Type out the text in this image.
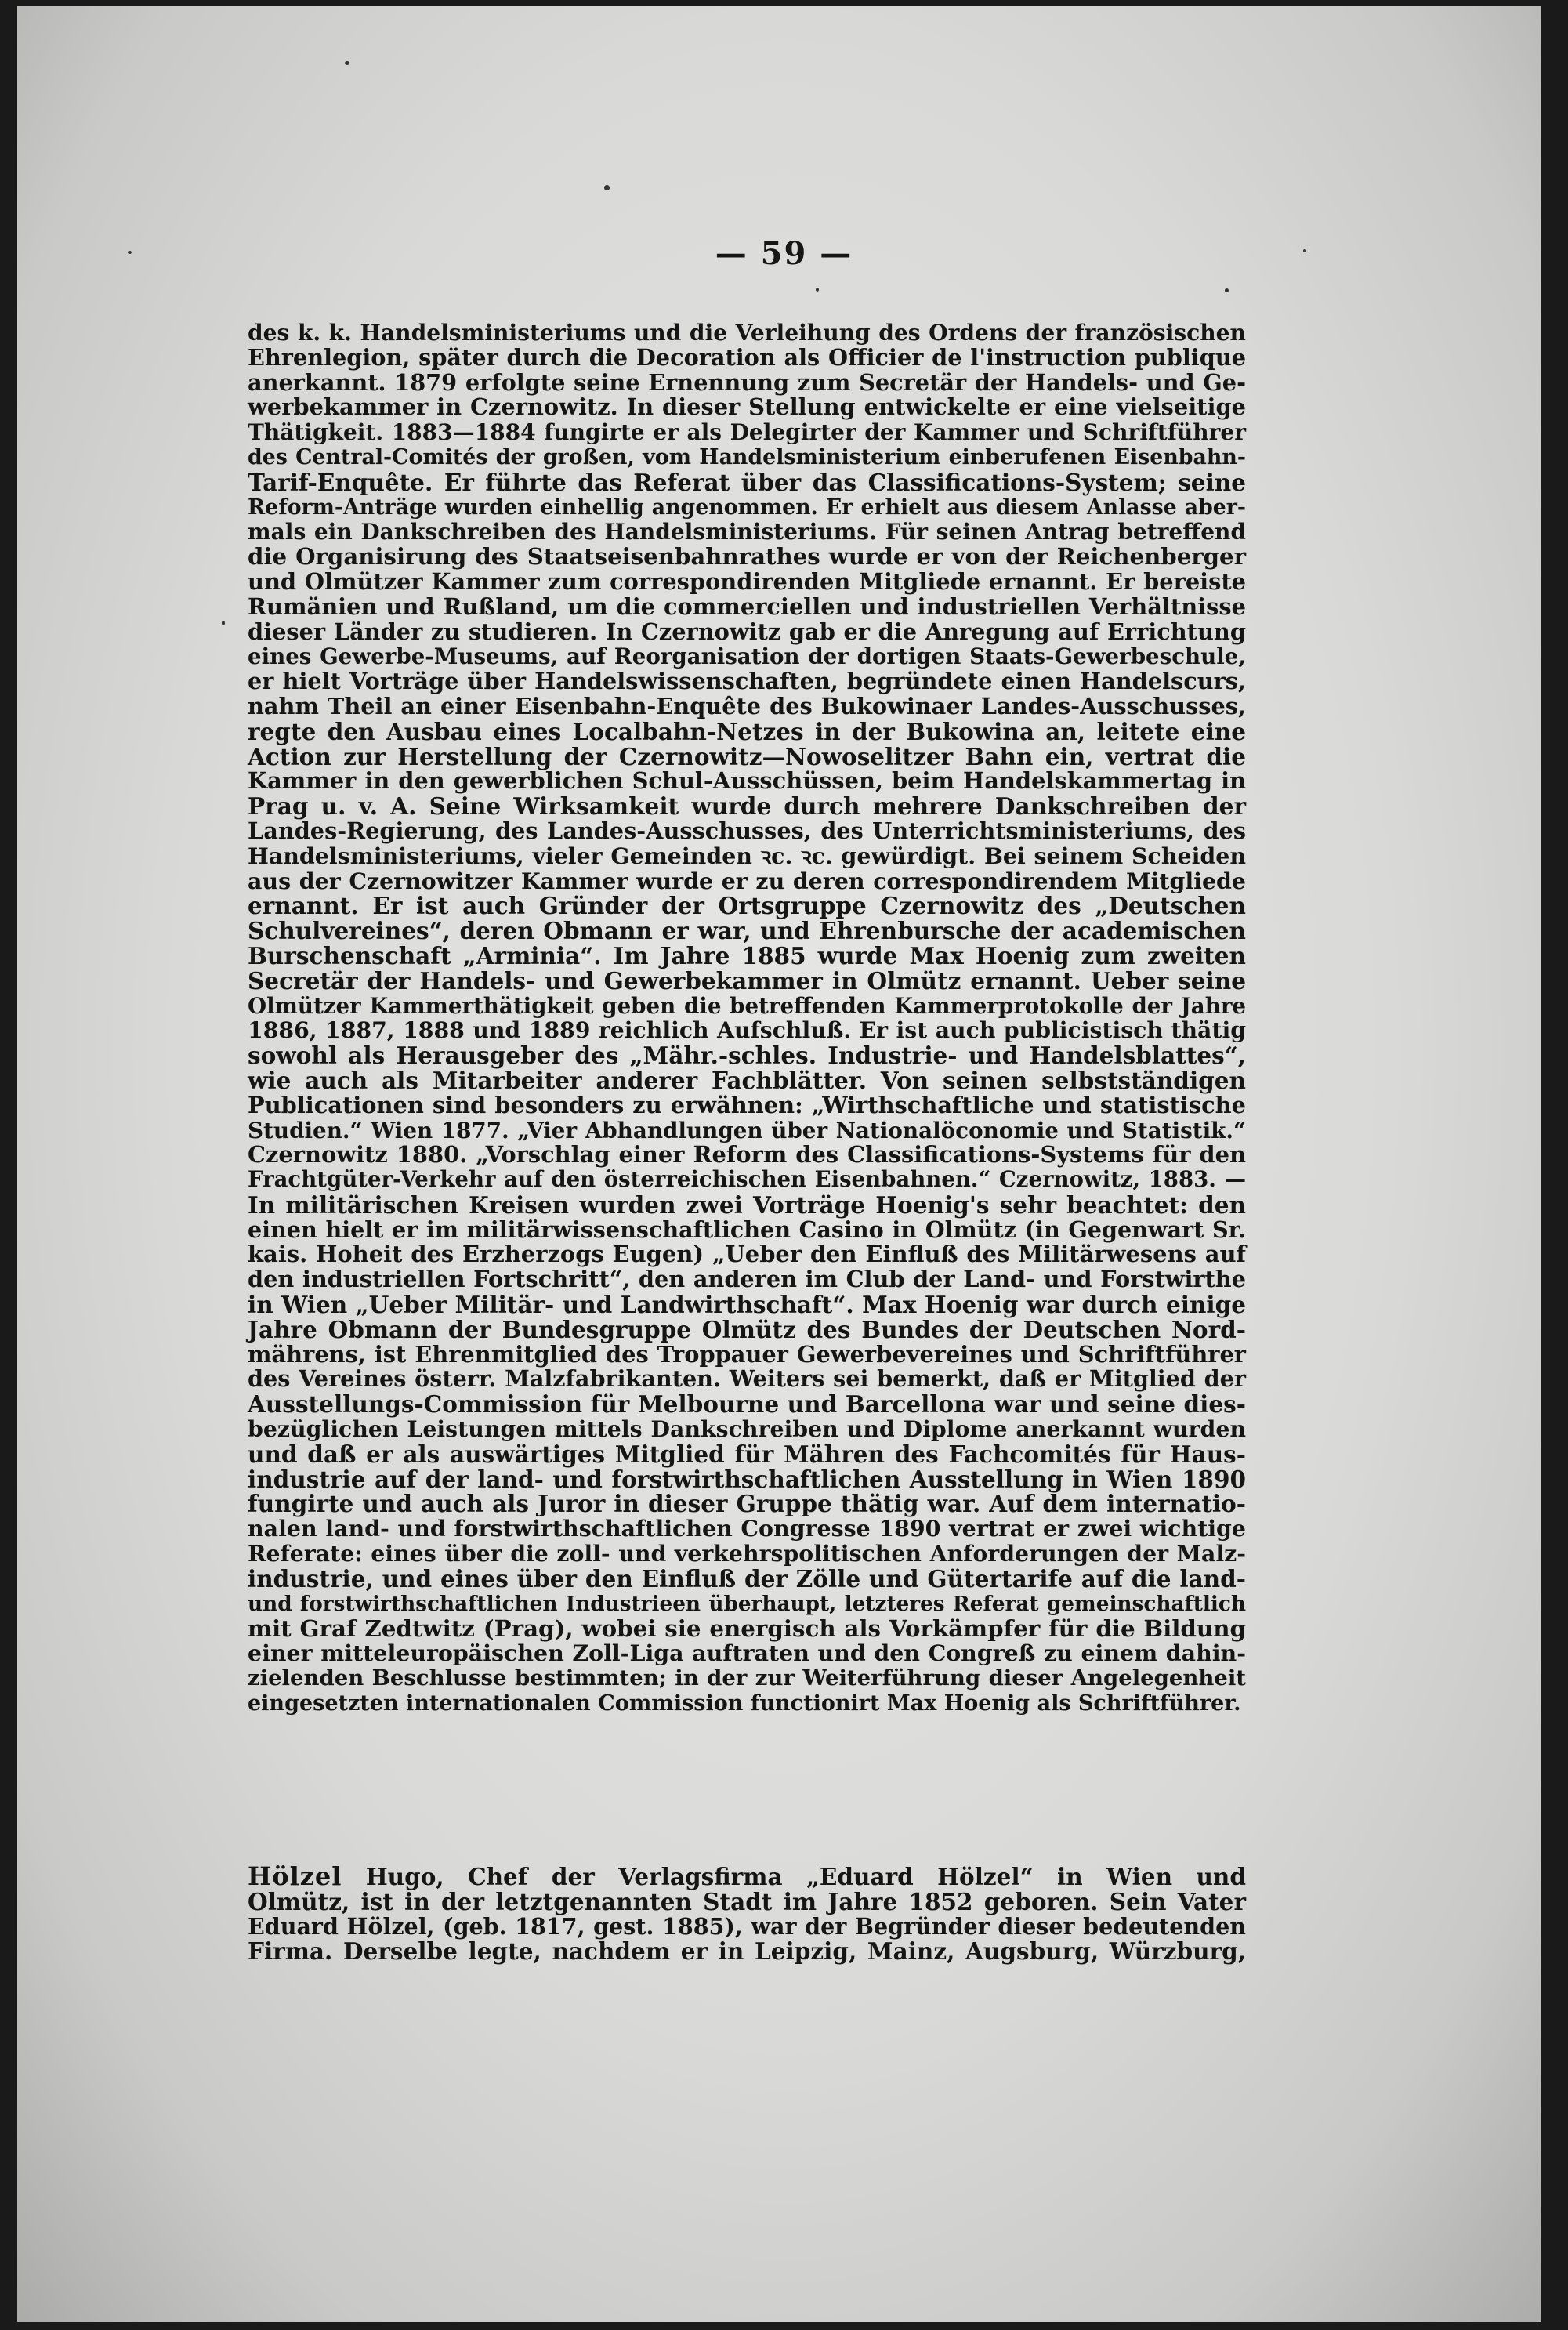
— 59 —
des k. k. Handelsministeriums und die Verleihung des Ordens der französischen
Ehrenlegion, später durch die Decoration als Officier de l'instruction publique
anerkannt. 1879 erfolgte seine Ernennung zum Secretär der Handels- und Ge-
werbekammer in Czernowitz. In dieser Stellung entwickelte er eine vielseitige
Thätigkeit. 1883—1884 fungirte er als Delegirter der Kammer und Schriftführer
des Central-Comités der großen, vom Handelsministerium einberufenen Eisenbahn-
Tarif-Enquête. Er führte das Referat über das Classifications-System; seine
Reform-Anträge wurden einhellig angenommen. Er erhielt aus diesem Anlasse aber-
mals ein Dankschreiben des Handelsministeriums. Für seinen Antrag betreffend
die Organisirung des Staatseisenbahnrathes wurde er von der Reichenberger
und Olmützer Kammer zum correspondirenden Mitgliede ernannt. Er bereiste
Rumänien und Rußland, um die commerciellen und industriellen Verhältnisse
dieser Länder zu studieren. In Czernowitz gab er die Anregung auf Errichtung
eines Gewerbe-Museums, auf Reorganisation der dortigen Staats-Gewerbeschule,
er hielt Vorträge über Handelswissenschaften, begründete einen Handelscurs,
nahm Theil an einer Eisenbahn-Enquête des Bukowinaer Landes-Ausschusses,
regte den Ausbau eines Localbahn-Netzes in der Bukowina an, leitete eine
Action zur Herstellung der Czernowitz—Nowoselitzer Bahn ein, vertrat die
Kammer in den gewerblichen Schul-Ausschüssen, beim Handelskammertag in
Prag u. v. A. Seine Wirksamkeit wurde durch mehrere Dankschreiben der
Landes-Regierung, des Landes-Ausschusses, des Unterrichtsministeriums, des
Handelsministeriums, vieler Gemeinden ꝛc. ꝛc. gewürdigt. Bei seinem Scheiden
aus der Czernowitzer Kammer wurde er zu deren correspondirendem Mitgliede
ernannt. Er ist auch Gründer der Ortsgruppe Czernowitz des „Deutschen
Schulvereines“, deren Obmann er war, und Ehrenbursche der academischen
Burschenschaft „Arminia“. Im Jahre 1885 wurde Max Hoenig zum zweiten
Secretär der Handels- und Gewerbekammer in Olmütz ernannt. Ueber seine
Olmützer Kammerthätigkeit geben die betreffenden Kammerprotokolle der Jahre
1886, 1887, 1888 und 1889 reichlich Aufschluß. Er ist auch publicistisch thätig
sowohl als Herausgeber des „Mähr.-schles. Industrie- und Handelsblattes“,
wie auch als Mitarbeiter anderer Fachblätter. Von seinen selbstständigen
Publicationen sind besonders zu erwähnen: „Wirthschaftliche und statistische
Studien.“ Wien 1877. „Vier Abhandlungen über Nationalöconomie und Statistik.“
Czernowitz 1880. „Vorschlag einer Reform des Classifications-Systems für den
Frachtgüter-Verkehr auf den österreichischen Eisenbahnen.“ Czernowitz, 1883. —
In militärischen Kreisen wurden zwei Vorträge Hoenig's sehr beachtet: den
einen hielt er im militärwissenschaftlichen Casino in Olmütz (in Gegenwart Sr.
kais. Hoheit des Erzherzogs Eugen) „Ueber den Einfluß des Militärwesens auf
den industriellen Fortschritt“, den anderen im Club der Land- und Forstwirthe
in Wien „Ueber Militär- und Landwirthschaft“. Max Hoenig war durch einige
Jahre Obmann der Bundesgruppe Olmütz des Bundes der Deutschen Nord-
mährens, ist Ehrenmitglied des Troppauer Gewerbevereines und Schriftführer
des Vereines österr. Malzfabrikanten. Weiters sei bemerkt, daß er Mitglied der
Ausstellungs-Commission für Melbourne und Barcellona war und seine dies-
bezüglichen Leistungen mittels Dankschreiben und Diplome anerkannt wurden
und daß er als auswärtiges Mitglied für Mähren des Fachcomités für Haus-
industrie auf der land- und forstwirthschaftlichen Ausstellung in Wien 1890
fungirte und auch als Juror in dieser Gruppe thätig war. Auf dem internatio-
nalen land- und forstwirthschaftlichen Congresse 1890 vertrat er zwei wichtige
Referate: eines über die zoll- und verkehrspolitischen Anforderungen der Malz-
industrie, und eines über den Einfluß der Zölle und Gütertarife auf die land-
und forstwirthschaftlichen Industrieen überhaupt, letzteres Referat gemeinschaftlich
mit Graf Zedtwitz (Prag), wobei sie energisch als Vorkämpfer für die Bildung
einer mitteleuropäischen Zoll-Liga auftraten und den Congreß zu einem dahin-
zielenden Beschlusse bestimmten; in der zur Weiterführung dieser Angelegenheit
eingesetzten internationalen Commission functionirt Max Hoenig als Schriftführer.
Hölzel Hugo, Chef der Verlagsfirma „Eduard Hölzel“ in Wien und
Olmütz, ist in der letztgenannten Stadt im Jahre 1852 geboren. Sein Vater
Eduard Hölzel, (geb. 1817, gest. 1885), war der Begründer dieser bedeutenden
Firma. Derselbe legte, nachdem er in Leipzig, Mainz, Augsburg, Würzburg,
